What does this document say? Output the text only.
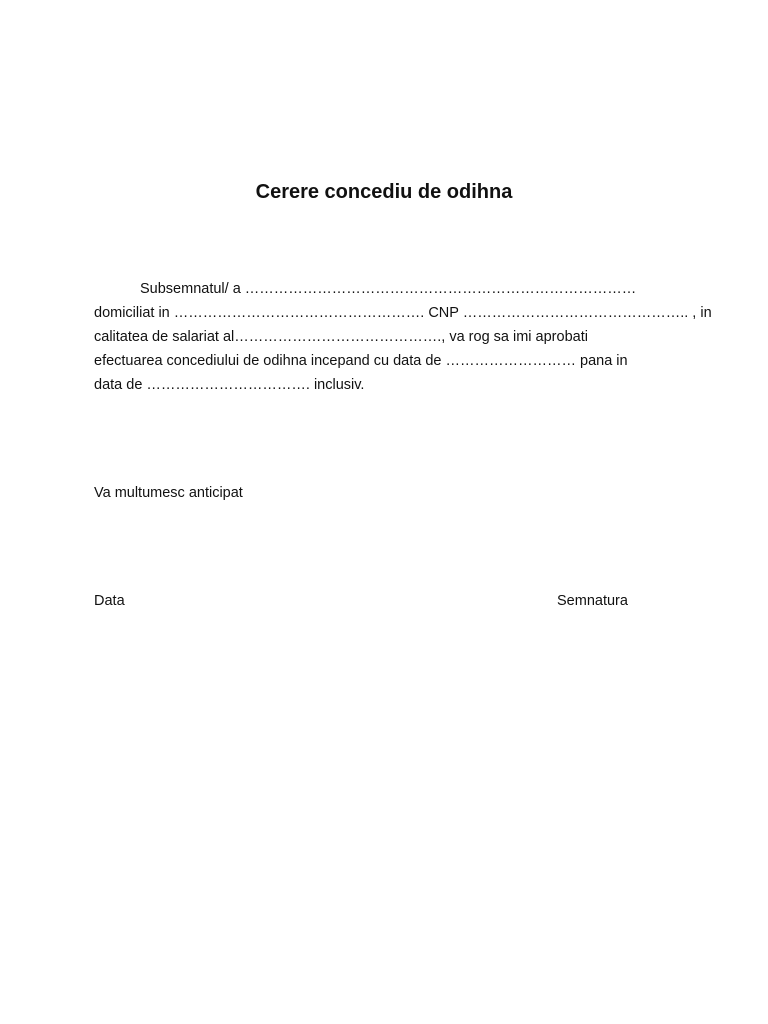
Cerere concediu de odihna
Subsemnatul/ a ………………………………………………………………………
domiciliat in ……………………………………………. CNP ……………………………………….. , in
calitatea de salariat al……………………………………., va rog sa imi aprobati
efectuarea concediului de odihna incepand cu data de ……………………… pana in
data de ……………………………. inclusiv.
Va multumesc anticipat
Data	Semnatura
